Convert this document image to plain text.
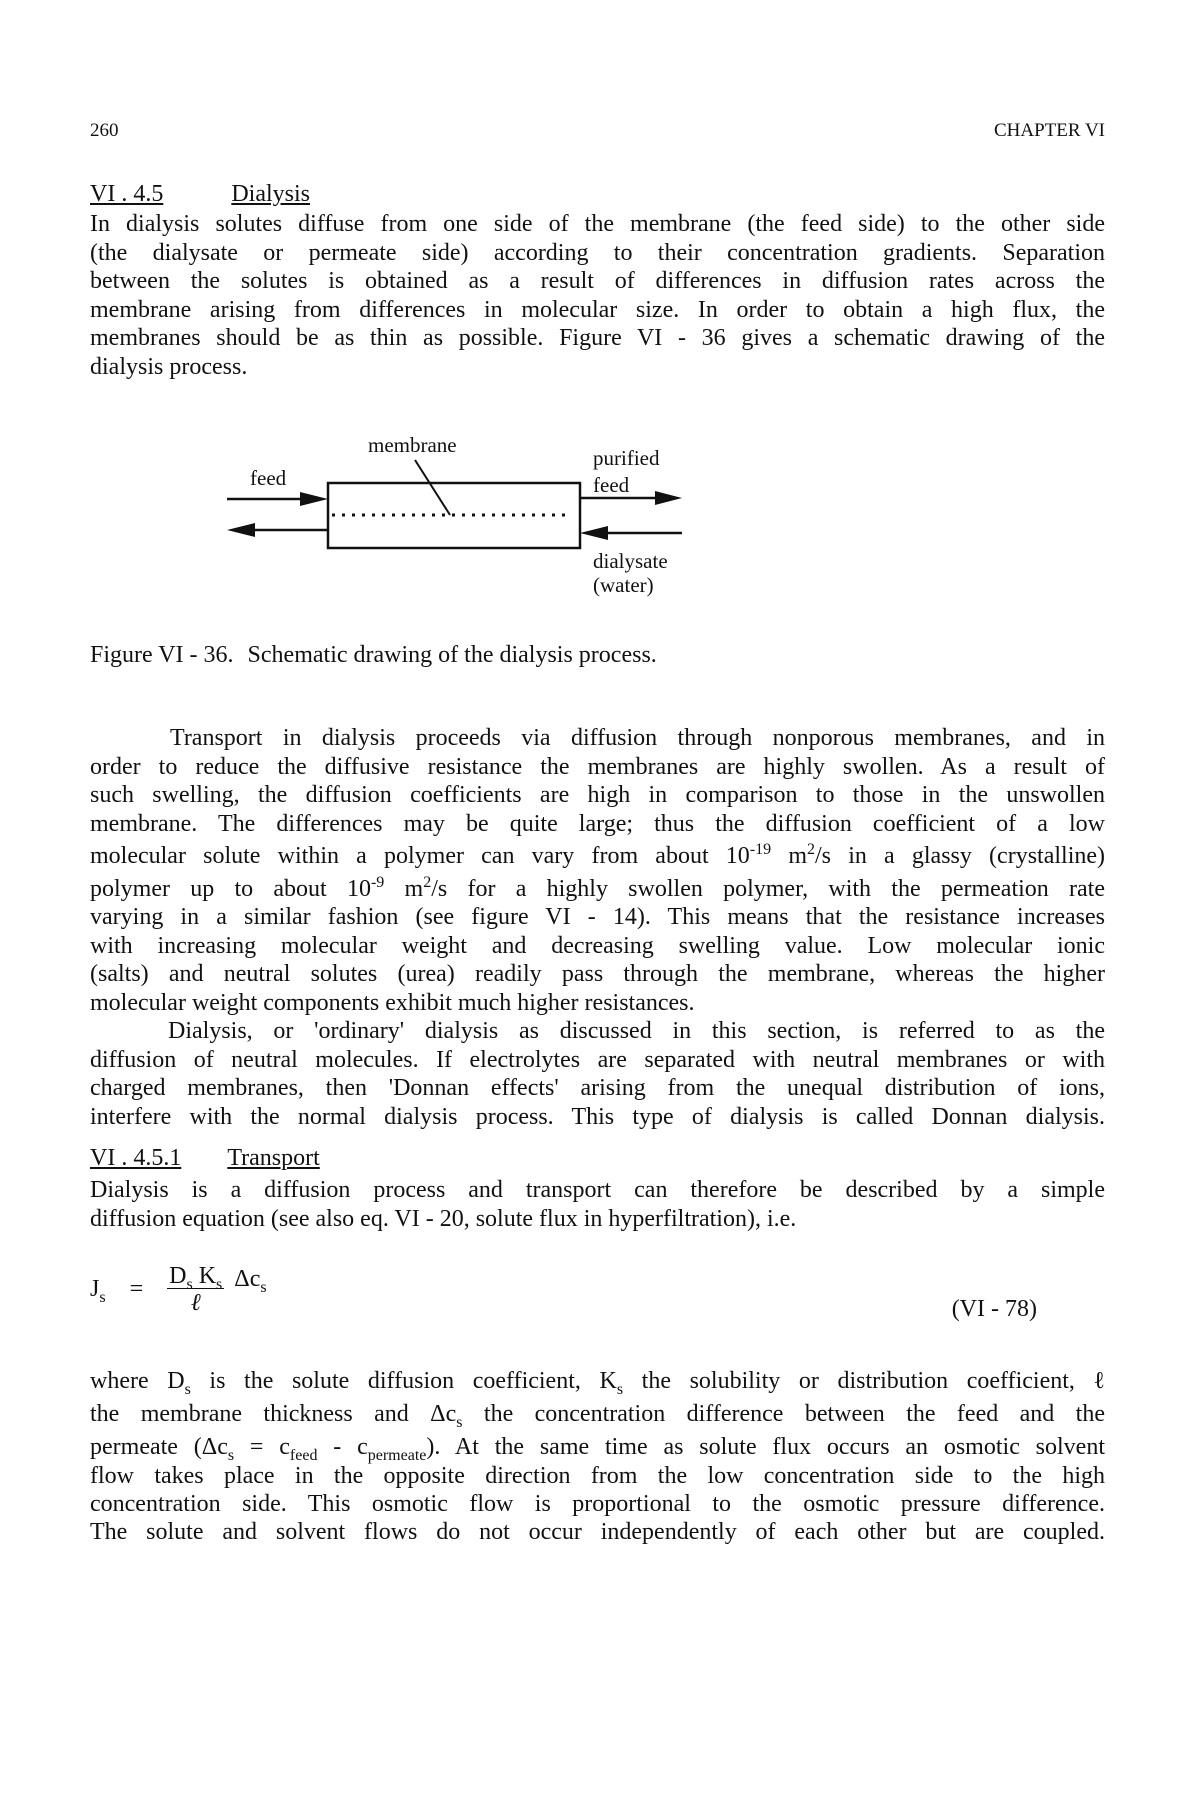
260	CHAPTER VI
VI . 4.5	Dialysis
In dialysis solutes diffuse from one side of the membrane (the feed side) to the other side
(the dialysate or permeate side) according to their concentration gradients. Separation
between the solutes is obtained as a result of differences in diffusion rates across the
membrane arising from differences in molecular size. In order to obtain a high flux, the
membranes should be as thin as possible. Figure VI - 36 gives a schematic drawing of the
dialysis process.
membrane
feed
purified
feed
dialysate
(water)
Figure VI - 36. Schematic drawing of the dialysis process.
Transport in dialysis proceeds via diffusion through nonporous membranes, and in
order to reduce the diffusive resistance the membranes are highly swollen. As a result of
such swelling, the diffusion coefficients are high in comparison to those in the unswollen
membrane. The differences may be quite large; thus the diffusion coefficient of a low
molecular solute within a polymer can vary from about $10^{-19}$ $m^2/s$ in a glassy (crystalline)
polymer up to about $10^{-9}$ $m^2/s$ for a highly swollen polymer, with the permeation rate
varying in a similar fashion (see figure VI - 14). This means that the resistance increases
with increasing molecular weight and decreasing swelling value. Low molecular ionic
(salts) and neutral solutes (urea) readily pass through the membrane, whereas the higher
molecular weight components exhibit much higher resistances.
Dialysis, or 'ordinary' dialysis as discussed in this section, is referred to as the
diffusion of neutral molecules. If electrolytes are separated with neutral membranes or with
charged membranes, then 'Donnan effects' arising from the unequal distribution of ions,
interfere with the normal dialysis process. This type of dialysis is called Donnan dialysis.
VI . 4.5.1 Transport
Dialysis is a diffusion process and transport can therefore be described by a simple
diffusion equation (see also eq. VI - 20, solute flux in hyperfiltration), i.e.
$J_s = \frac{D_s K_s}{\text{ℓ}} \Delta c_s$
(VI - 78)
where $D_s$ is the solute diffusion coefficient, $K_s$ the solubility or distribution coefficient, ℓ
the membrane thickness and $\Delta c_s$ the concentration difference between the feed and the
permeate $(\Delta c_s = c_{feed} - c_{permeate})$. At the same time as solute flux occurs an osmotic solvent
flow takes place in the opposite direction from the low concentration side to the high
concentration side. This osmotic flow is proportional to the osmotic pressure difference.
The solute and solvent flows do not occur independently of each other but are coupled.
